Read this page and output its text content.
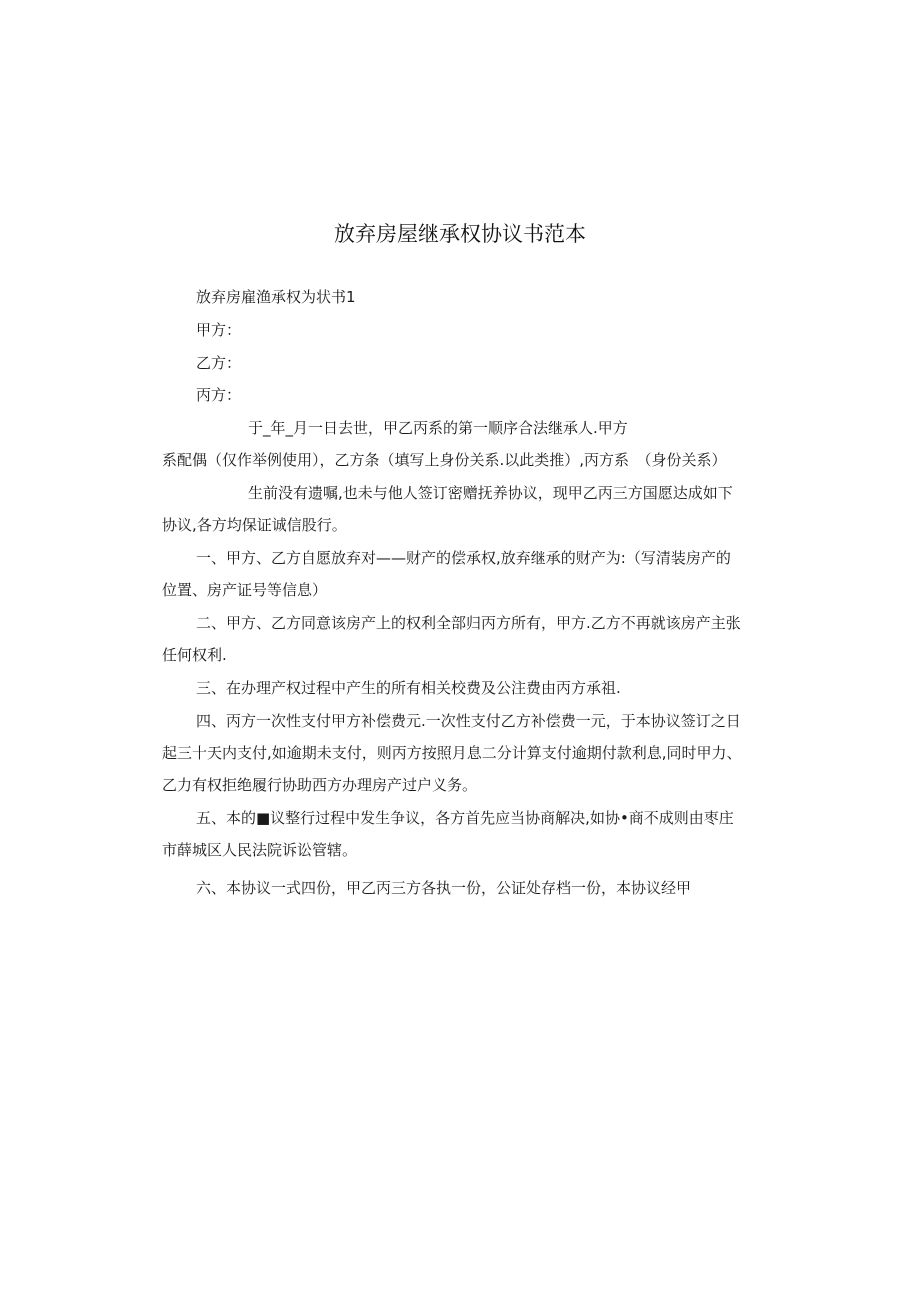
放弃房屋继承权协议书范本
放弃房雇渔承权为状书1
甲方：
乙方：
丙方：
于_年_月一日去世，甲乙丙系的第一顺序合法继承人.甲方
系配偶（仅作举例使用），乙方条（填写上身份关系.以此类推）,丙方系　（身份关系）
生前没有遗嘱,也未与他人签订密赠抚养协议，现甲乙丙三方国愿达成如下
协议,各方均保证诚信股行。
一、甲方、乙方自愿放弃对——财产的偿承权,放弃继承的财产为:（写清装房产的
位置、房产证号等信息）
二、甲方、乙方同意该房产上的权利全部归丙方所有，甲方.乙方不再就该房产主张
任何权利.
三、在办理产权过程中产生的所有相关校费及公注费由丙方承祖.
四、丙方一次性支付甲方补偿费元.一次性支付乙方补偿费一元，于本协议签订之日
起三十天内支付,如逾期未支付，则丙方按照月息二分计算支付逾期付款利息,同时甲力、
乙力有权拒绝履行协助西方办理房产过户义务。
五、本的■议整行过程中发生争议，各方首先应当协商解决,如协•商不成则由枣庄
市薛城区人民法院诉讼管辖。
六、本协议一式四份，甲乙丙三方各执一份，公证处存档一份，本协议经甲
